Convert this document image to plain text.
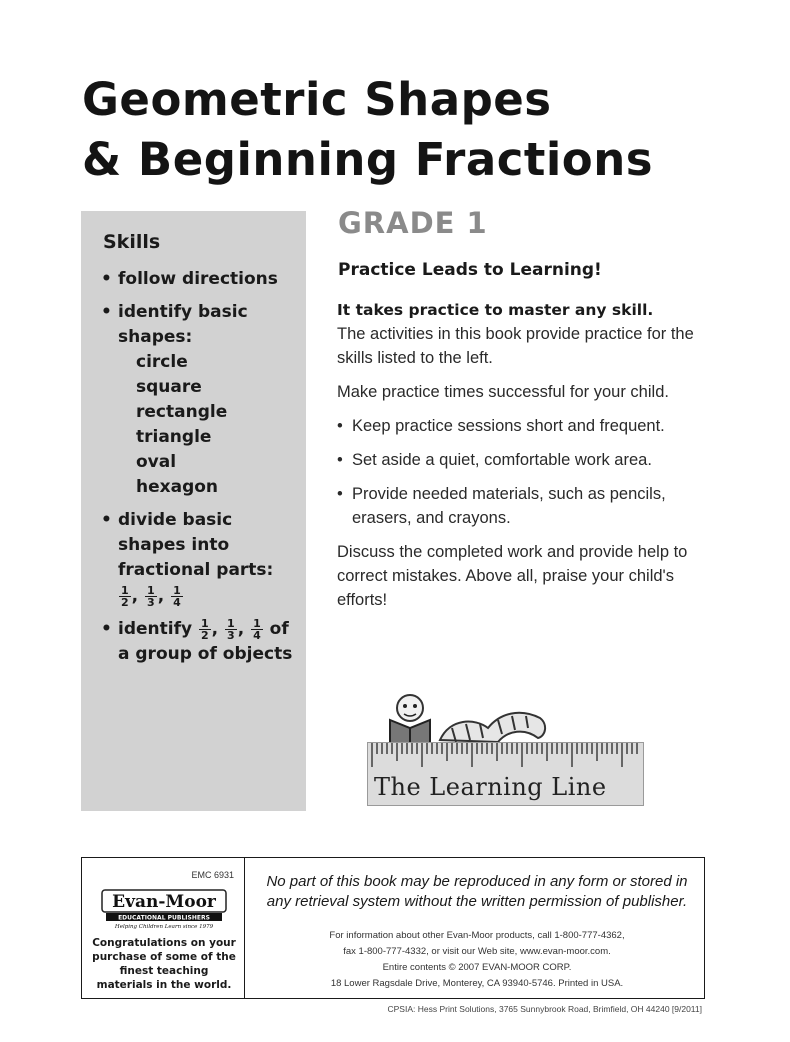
Geometric Shapes
& Beginning Fractions
Skills
• follow directions
• identify basic shapes:
circle
square
rectangle
triangle
oval
hexagon
• divide basic shapes into fractional parts:
$\frac{1}{2}$ , $\frac{1}{3}$ , $\frac{1}{4}$
• identify $\frac{1}{2}$ , $\frac{1}{3}$ , $\frac{1}{4}$ of
a group of objects
GRADE 1
Practice Leads to Learning!
It takes practice to master any skill.

The activities in this book provide practice for the skills listed to the left.

Make practice times successful for your child.

• Keep practice sessions short and frequent.
• Set aside a quiet, comfortable work area.
• Provide needed materials, such as pencils, erasers, and crayons.

Discuss the completed work and provide help to correct mistakes. Above all, praise your child's efforts!

The Learning Line
EMC 6931
Evan-Moor
EDUCATIONAL PUBLISHERS
Helping Children Learn since 1979
Congratulations on your purchase of some of the finest teaching materials in the world.
No part of this book may be reproduced in any form or stored in any retrieval system without the written permission of publisher.
For information about other Evan-Moor products, call 1-800-777-4362,
fax 1-800-777-4332, or visit our Web site, www.evan-moor.com.
Entire contents © 2007 EVAN-MOOR CORP.
18 Lower Ragsdale Drive, Monterey, CA 93940-5746. Printed in USA.
CPSIA: Hess Print Solutions, 3765 Sunnybrook Road, Brimfield, OH 44240 [9/2011]
